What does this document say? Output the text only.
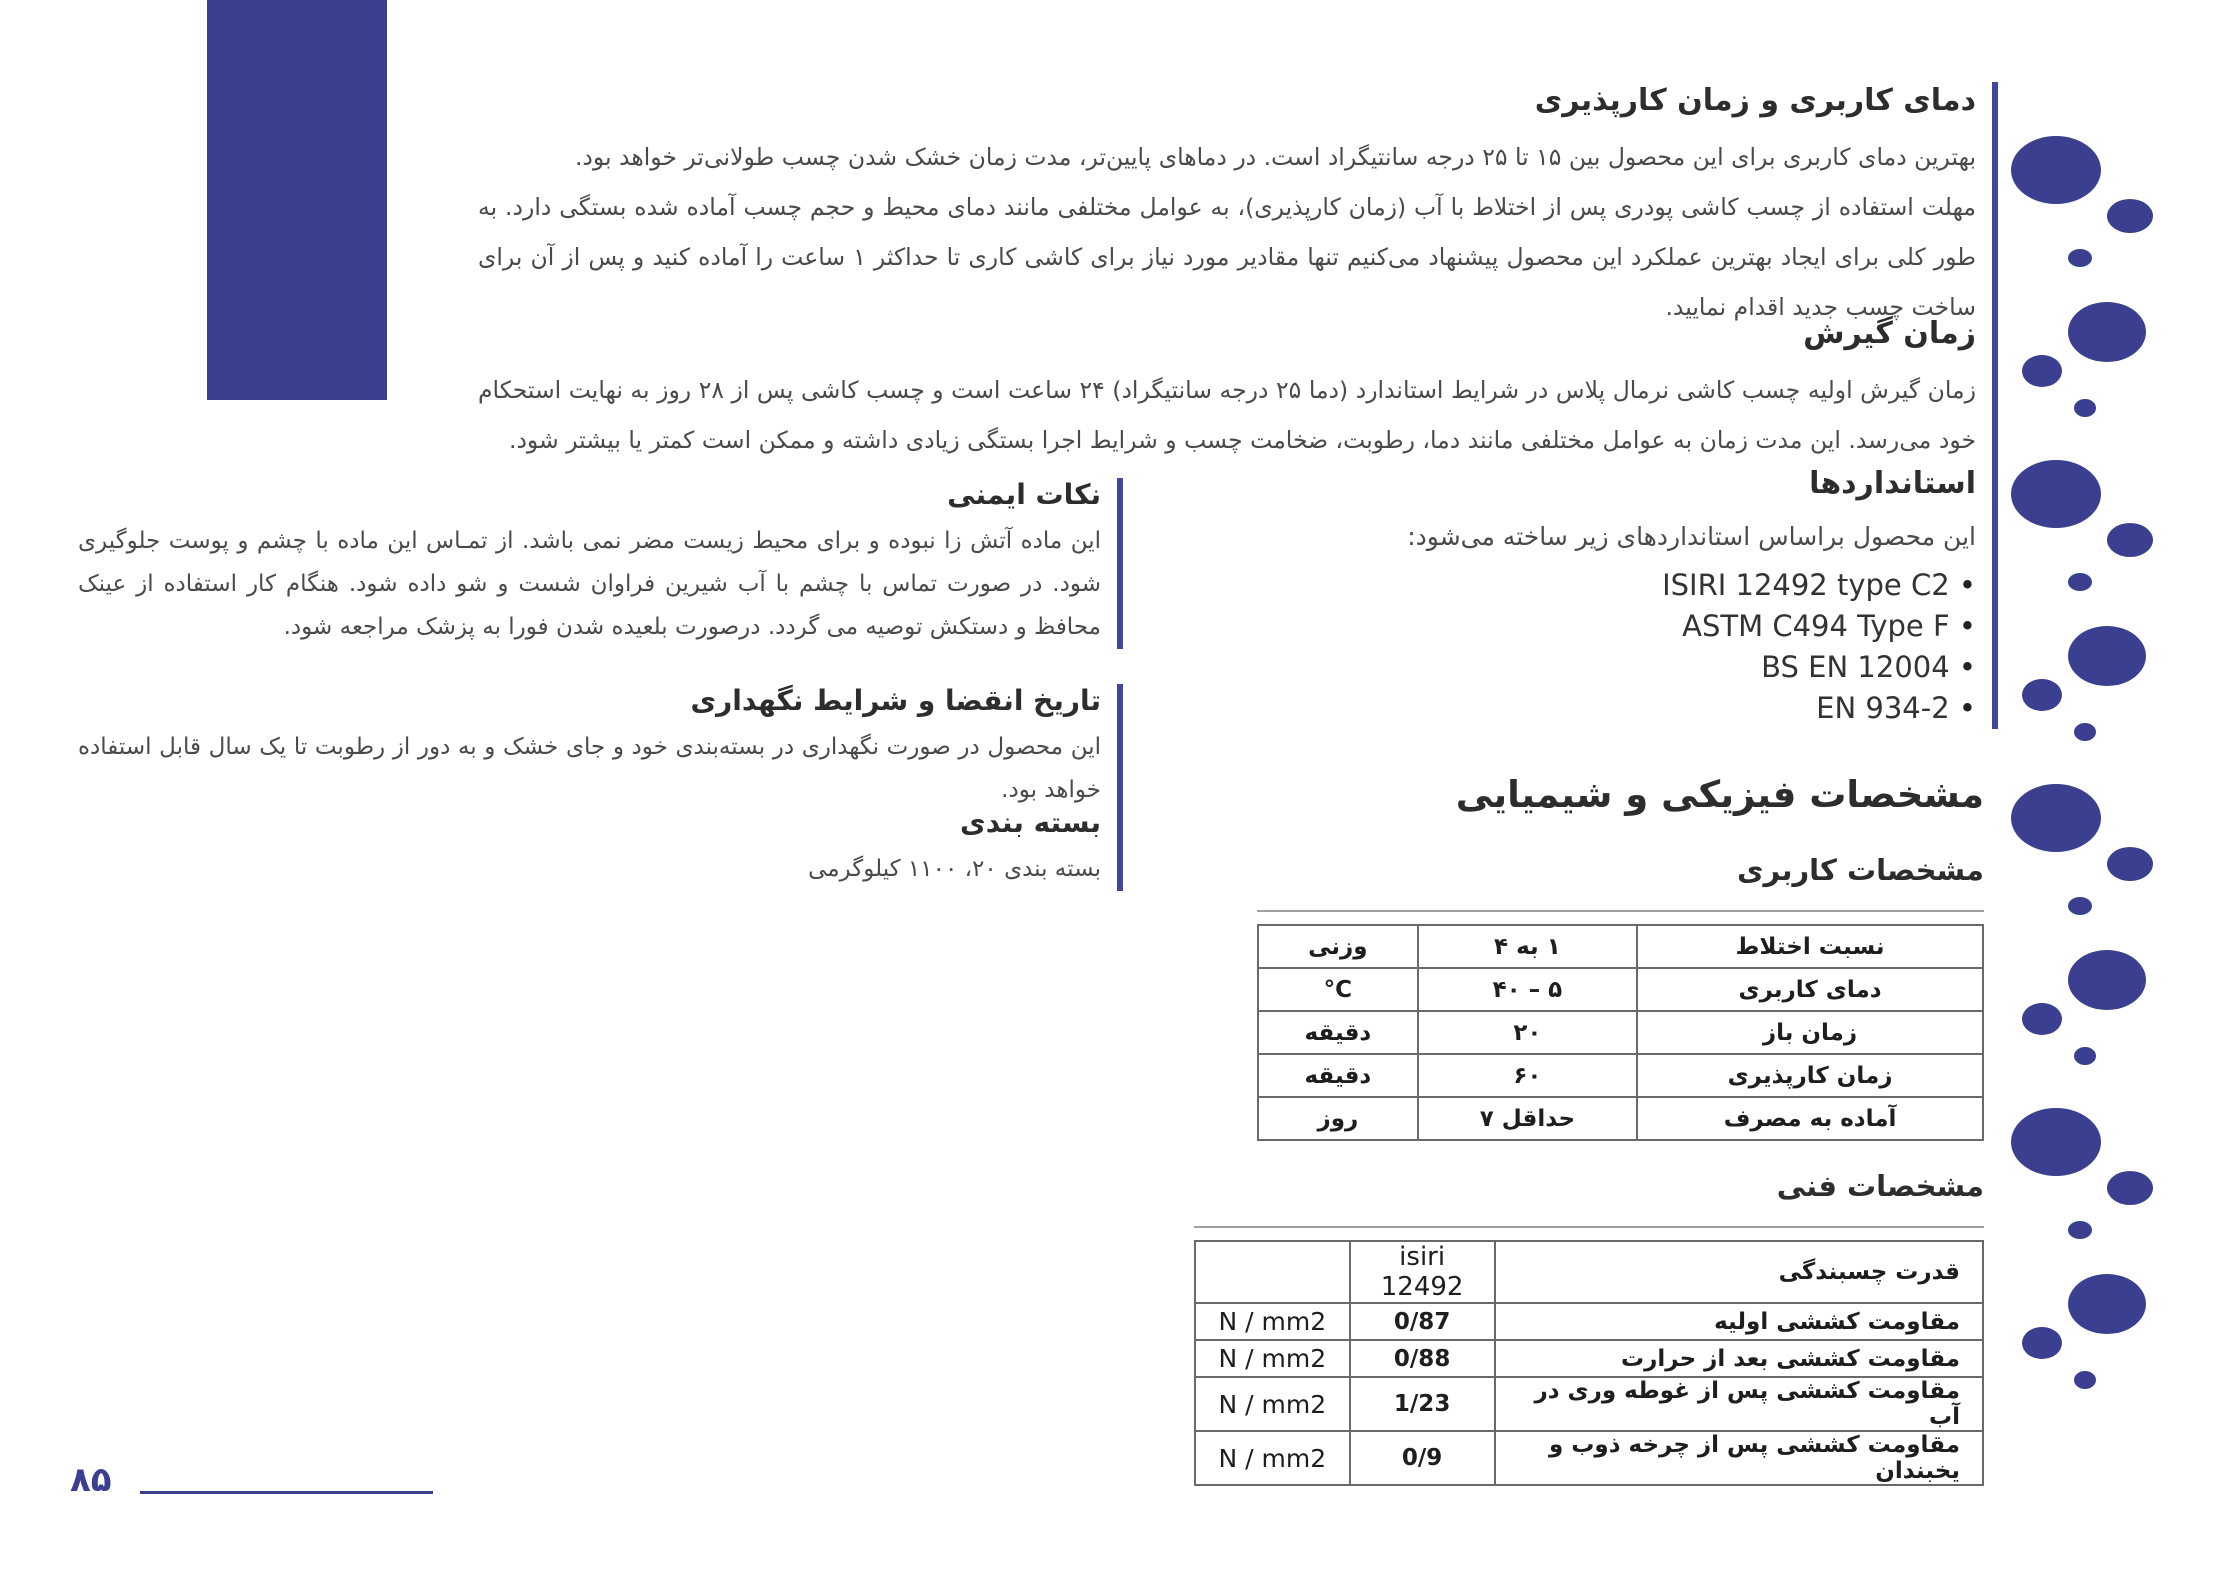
دمای کاربری و زمان کارپذیری

بهترین دمای کاربری برای این محصول بین ۱۵ تا ۲۵ درجه سانتیگراد است. در دماهای پایین‌تر، مدت زمان خشک شدن چسب طولانی‌تر خواهد بود.

مهلت استفاده از چسب کاشی پودری پس از اختلاط با آب (زمان کارپذیری)، به عوامل مختلفی مانند دمای محیط و حجم چسب آماده شده بستگی دارد. به طور کلی برای ایجاد بهترین عملکرد این محصول پیشنهاد می‌کنیم تنها مقادیر مورد نیاز برای کاشی کاری تا حداکثر ۱ ساعت را آماده کنید و پس از آن برای ساخت چسب جدید اقدام نمایید.

زمان گیرش

زمان گیرش اولیه چسب کاشی نرمال پلاس در شرایط استاندارد (دما ۲۵ درجه سانتیگراد) ۲۴ ساعت است و چسب کاشی پس از ۲۸ روز به نهایت استحکام خود می‌رسد. این مدت زمان به عوامل مختلفی مانند دما، رطوبت، ضخامت چسب و شرایط اجرا بستگی زیادی داشته و ممکن است کمتر یا بیشتر شود.

استانداردها

این محصول براساس استانداردهای زیر ساخته می‌شود:

• ISIRI 12492 type C2
• ASTM C494 Type F
• BS EN 12004
• EN 934-2
مشخصات فیزیکی و شیمیایی
مشخصات کاربری
نسبت اختلاط	۱ به ۴	وزنی
دمای کاربری	۵ – ۴۰	°C
زمان باز	۲۰	دقیقه
زمان کارپذیری	۶۰	دقیقه
آماده به مصرف	حداقل ۷	روز
مشخصات فنی
قدرت چسبندگی	isiri 12492	
مقاومت کششی اولیه	0/87	N / mm2
مقاومت کششی بعد از حرارت	0/88	N / mm2
مقاومت کششی پس از غوطه وری در آب	1/23	N / mm2
مقاومت کششی پس از چرخه ذوب و یخبندان	0/9	N / mm2
نکات ایمنی

این ماده آتش زا نبوده و برای محیط زیست مضر نمی باشد. از تمـاس این ماده با چشم و پوست جلوگیری شود. در صورت تماس با چشم با آب شیرین فراوان شست و شو داده شود. هنگام کار استفاده از عینک محافظ و دستکش توصیه می گردد. درصورت بلعیده شدن فورا به پزشک مراجعه شود.

تاریخ انقضا و شرایط نگهداری

این محصول در صورت نگهداری در بسته‌بندی خود و جای خشک و به دور از رطوبت تا یک سال قابل استفاده خواهد بود.

بسته بندی

بسته بندی ۲۰، ۱۱۰۰ کیلوگرمی

۸۵
